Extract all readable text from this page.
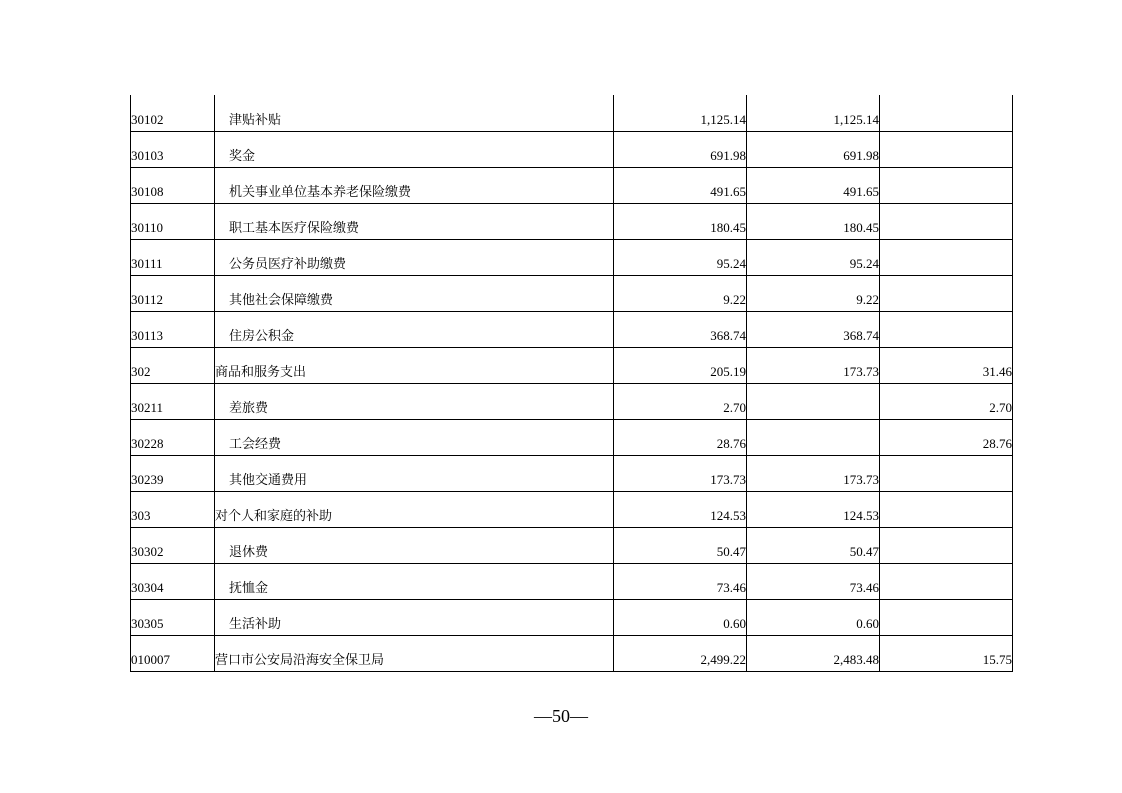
30102	津贴补贴	1,125.14	1,125.14	
30103	奖金	691.98	691.98	
30108	机关事业单位基本养老保险缴费	491.65	491.65	
30110	职工基本医疗保险缴费	180.45	180.45	
30111	公务员医疗补助缴费	95.24	95.24	
30112	其他社会保障缴费	9.22	9.22	
30113	住房公积金	368.74	368.74	
302	商品和服务支出	205.19	173.73	31.46
30211	差旅费	2.70		2.70
30228	工会经费	28.76		28.76
30239	其他交通费用	173.73	173.73	
303	对个人和家庭的补助	124.53	124.53	
30302	退休费	50.47	50.47	
30304	抚恤金	73.46	73.46	
30305	生活补助	0.60	0.60	
010007	营口市公安局沿海安全保卫局	2,499.22	2,483.48	15.75
—50—
